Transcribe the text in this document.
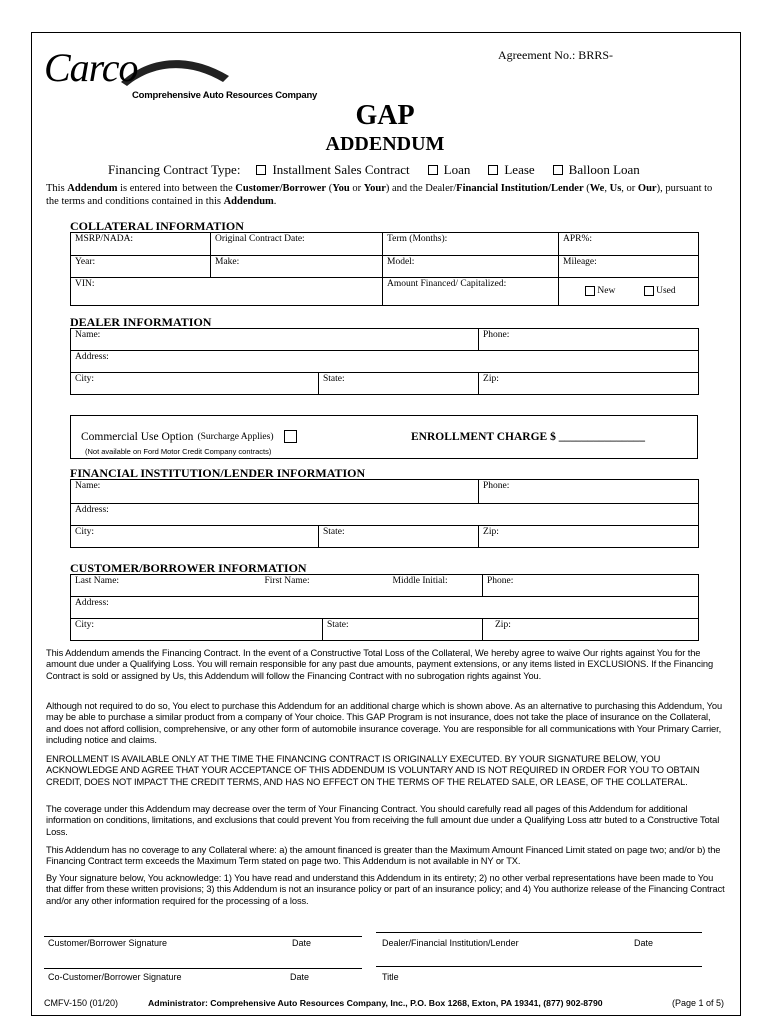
Carco
Comprehensive Auto Resources Company
Agreement No.: BRRS-
GAP
ADDENDUM
Financing Contract Type: Installment Sales Contract	Loan	Lease	Balloon Loan
This Addendum is entered into between the Customer/Borrower (You or Your) and the Dealer/Financial Institution/Lender (We, Us, or Our), pursuant to the terms and conditions contained in this Addendum.
COLLATERAL INFORMATION
MSRP/NADA:	Original Contract Date:	Term (Months):	APR%:
Year:	Make:	Model:	Mileage:
VIN:		Amount Financed/ Capitalized:	New Used
DEALER INFORMATION
Name:		Phone:
Address:		
City:	State:	Zip:
Commercial Use Option (Surcharge Applies)
(Not available on Ford Motor Credit Company contracts)
ENROLLMENT CHARGE $ _______________
FINANCIAL INSTITUTION/LENDER INFORMATION
Name:		Phone:
Address:		
City:	State:	Zip:
CUSTOMER/BORROWER INFORMATION
Last Name:	First Name:		Middle Initial:	Phone:
Address:				
City:		State:		Zip:
This Addendum amends the Financing Contract. In the event of a Constructive Total Loss of the Collateral, We hereby agree to waive Our rights against You for the amount due under a Qualifying Loss. You will remain responsible for any past due amounts, payment extensions, or any items listed in EXCLUSIONS. If the Financing Contract is sold or assigned by Us, this Addendum will follow the Financing Contract with no subrogation rights against You.
Although not required to do so, You elect to purchase this Addendum for an additional charge which is shown above. As an alternative to purchasing this Addendum, You may be able to purchase a similar product from a company of Your choice. This GAP Program is not insurance, does not take the place of insurance on the Collateral, and does not afford collision, comprehensive, or any other form of automobile insurance coverage. You are responsible for all communications with Your Primary Carrier, including notice and claims.
ENROLLMENT IS AVAILABLE ONLY AT THE TIME THE FINANCING CONTRACT IS ORIGINALLY EXECUTED. BY YOUR SIGNATURE BELOW, YOU ACKNOWLEDGE AND AGREE THAT YOUR ACCEPTANCE OF THIS ADDENDUM IS VOLUNTARY AND IS NOT REQUIRED IN ORDER FOR YOU TO OBTAIN CREDIT, DOES NOT IMPACT THE CREDIT TERMS, AND HAS NO EFFECT ON THE TERMS OF THE RELATED SALE, OR LEASE, OF THE COLLATERAL.
The coverage under this Addendum may decrease over the term of Your Financing Contract. You should carefully read all pages of this Addendum for additional information on conditions, limitations, and exclusions that could prevent You from receiving the full amount due under a Qualifying Loss attr buted to a Constructive Total Loss.
This Addendum has no coverage to any Collateral where: a) the amount financed is greater than the Maximum Amount Financed Limit stated on page two; and/or b) the Financing Contract term exceeds the Maximum Term stated on page two. This Addendum is not available in NY or TX.
By Your signature below, You acknowledge: 1) You have read and understand this Addendum in its entirety; 2) no other verbal representations have been made to You that differ from these written provisions; 3) this Addendum is not an insurance policy or part of an insurance policy; and 4) You authorize release of the Financing Contract and/or any other information required for the processing of a loss.
Customer/Borrower Signature	Date	Dealer/Financial Institution/Lender	Date
Co-Customer/Borrower Signature	Date	Title
CMFV-150 (01/20)	Administrator: Comprehensive Auto Resources Company, Inc., P.O. Box 1268, Exton, PA 19341, (877) 902-8790	(Page 1 of 5)
